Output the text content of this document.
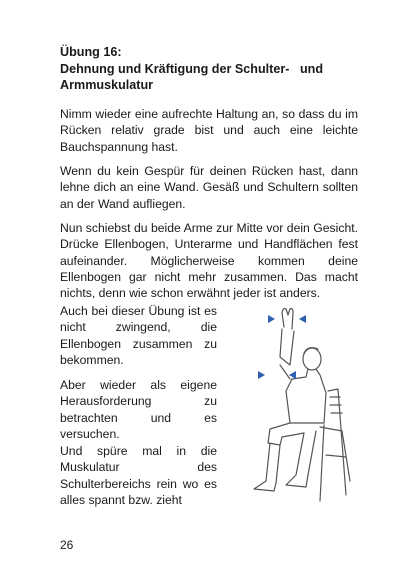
Übung 16:
Dehnung und Kräftigung der Schulter-   und
Armmuskulatur

Nimm wieder eine aufrechte Haltung an, so dass du im Rücken relativ grade bist und auch eine leichte Bauchspannung hast.

Wenn du kein Gespür für deinen Rücken hast, dann lehne dich an eine Wand. Gesäß und Schultern sollten an der Wand aufliegen.

Nun schiebst du beide Arme zur Mitte vor dein Gesicht. Drücke Ellenbogen, Unterarme und Handflächen fest aufeinander. Möglicherweise kommen deine Ellenbogen gar nicht mehr zusammen. Das macht nichts, denn wie schon erwähnt jeder ist anders.

Auch bei dieser Übung ist es nicht zwingend, die Ellenbogen zusammen zu bekommen.

Aber wieder als eigene Herausforderung zu betrachten und es versuchen.

Und spüre mal in die Muskulatur des Schulterbereichs rein wo es alles spannt bzw. zieht

26
